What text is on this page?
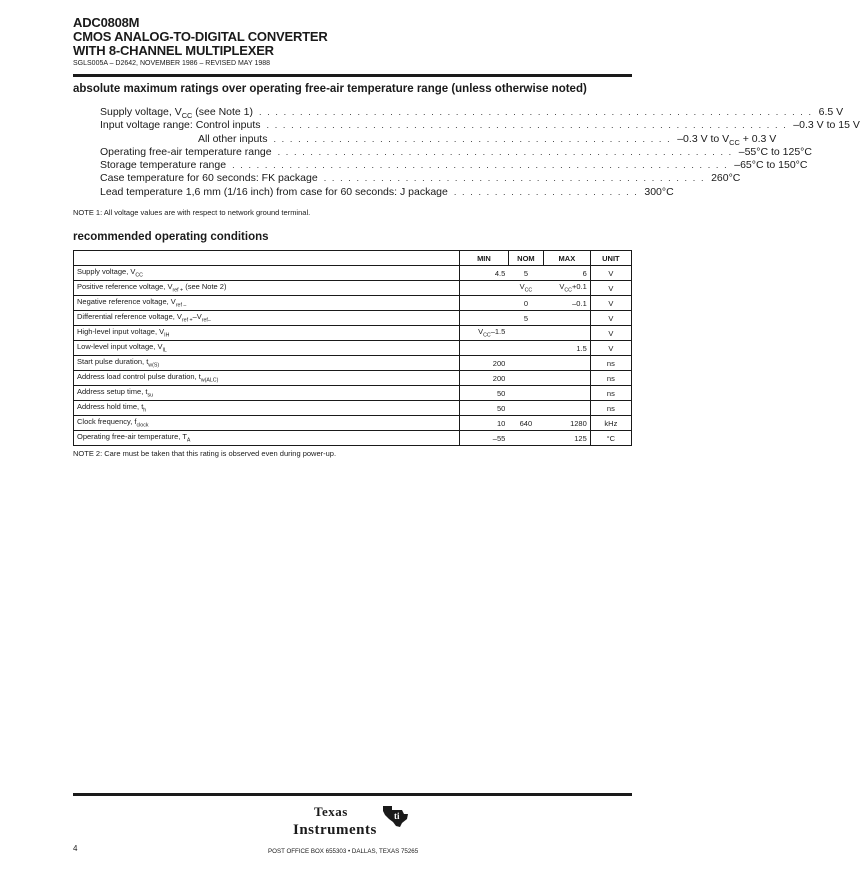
ADC0808M
CMOS ANALOG-TO-DIGITAL CONVERTER
WITH 8-CHANNEL MULTIPLEXER
SGLS005A – D2642, NOVEMBER 1986 – REVISED MAY 1988
absolute maximum ratings over operating free-air temperature range (unless otherwise noted)
Supply voltage, $V_{CC}$ (see Note 1) . . . . . . . . . . . . . . . . . . . . . . . . . . . . . . . . . . . . . . . . . . . . . . . . . . . . . . . . . . . . . . . . . . . . 6.5 V
Input voltage range: Control inputs . . . . . . . . . . . . . . . . . . . . . . . . . . . . . . . . . . . . . . . . . . . . . . . . . . . . . . . . . . . . . . . . –0.3 V to 15 V
All other inputs . . . . . . . . . . . . . . . . . . . . . . . . . . . . . . . . . . . . . . . . . . . . . . . . . –0.3 V to $V_{CC} + 0.3$ V
Operating free-air temperature range . . . . . . . . . . . . . . . . . . . . . . . . . . . . . . . . . . . . . . . . . . . . . . . . . . . . . . . . –55°C to 125°C
Storage temperature range . . . . . . . . . . . . . . . . . . . . . . . . . . . . . . . . . . . . . . . . . . . . . . . . . . . . . . . . . . . . . –65°C to 150°C
Case temperature for 60 seconds: FK package . . . . . . . . . . . . . . . . . . . . . . . . . . . . . . . . . . . . . . . . . . . . . . . 260°C
Lead temperature 1,6 mm (1/16 inch) from case for 60 seconds: J package . . . . . . . . . . . . . . . . . . . . . . . 300°C
NOTE 1: All voltage values are with respect to network ground terminal.
recommended operating conditions
	MIN	NOM	MAX	UNIT
Supply voltage, $V_{CC}$	4.5	5	6	V
Positive reference voltage, $V_{ref +}$ (see Note 2)		$V_{CC}$	$V_{CC}+0.1$	V
Negative reference voltage, $V_{ref -}$		0	–0.1	V
Differential reference voltage, $V_{ref +}-V_{ref-}$		5		V
High-level input voltage, $V_{IH}$	$V_{CC}-1.5$			V
Low-level input voltage, $V_{IL}$			1.5	V
Start pulse duration, $t_{w(S)}$	200			ns
Address load control pulse duration, $t_{w(ALC)}$	200			ns
Address setup time, $t_{su}$	50			ns
Address hold time, $t_h$	50			ns
Clock frequency, $f_{clock}$	10	640	1280	kHz
Operating free-air temperature, $T_A$	–55		125	°C
NOTE 2: Care must be taken that this rating is observed even during power-up.
Texas
Instruments
ti
4	POST OFFICE BOX 655303 • DALLAS, TEXAS 75265
